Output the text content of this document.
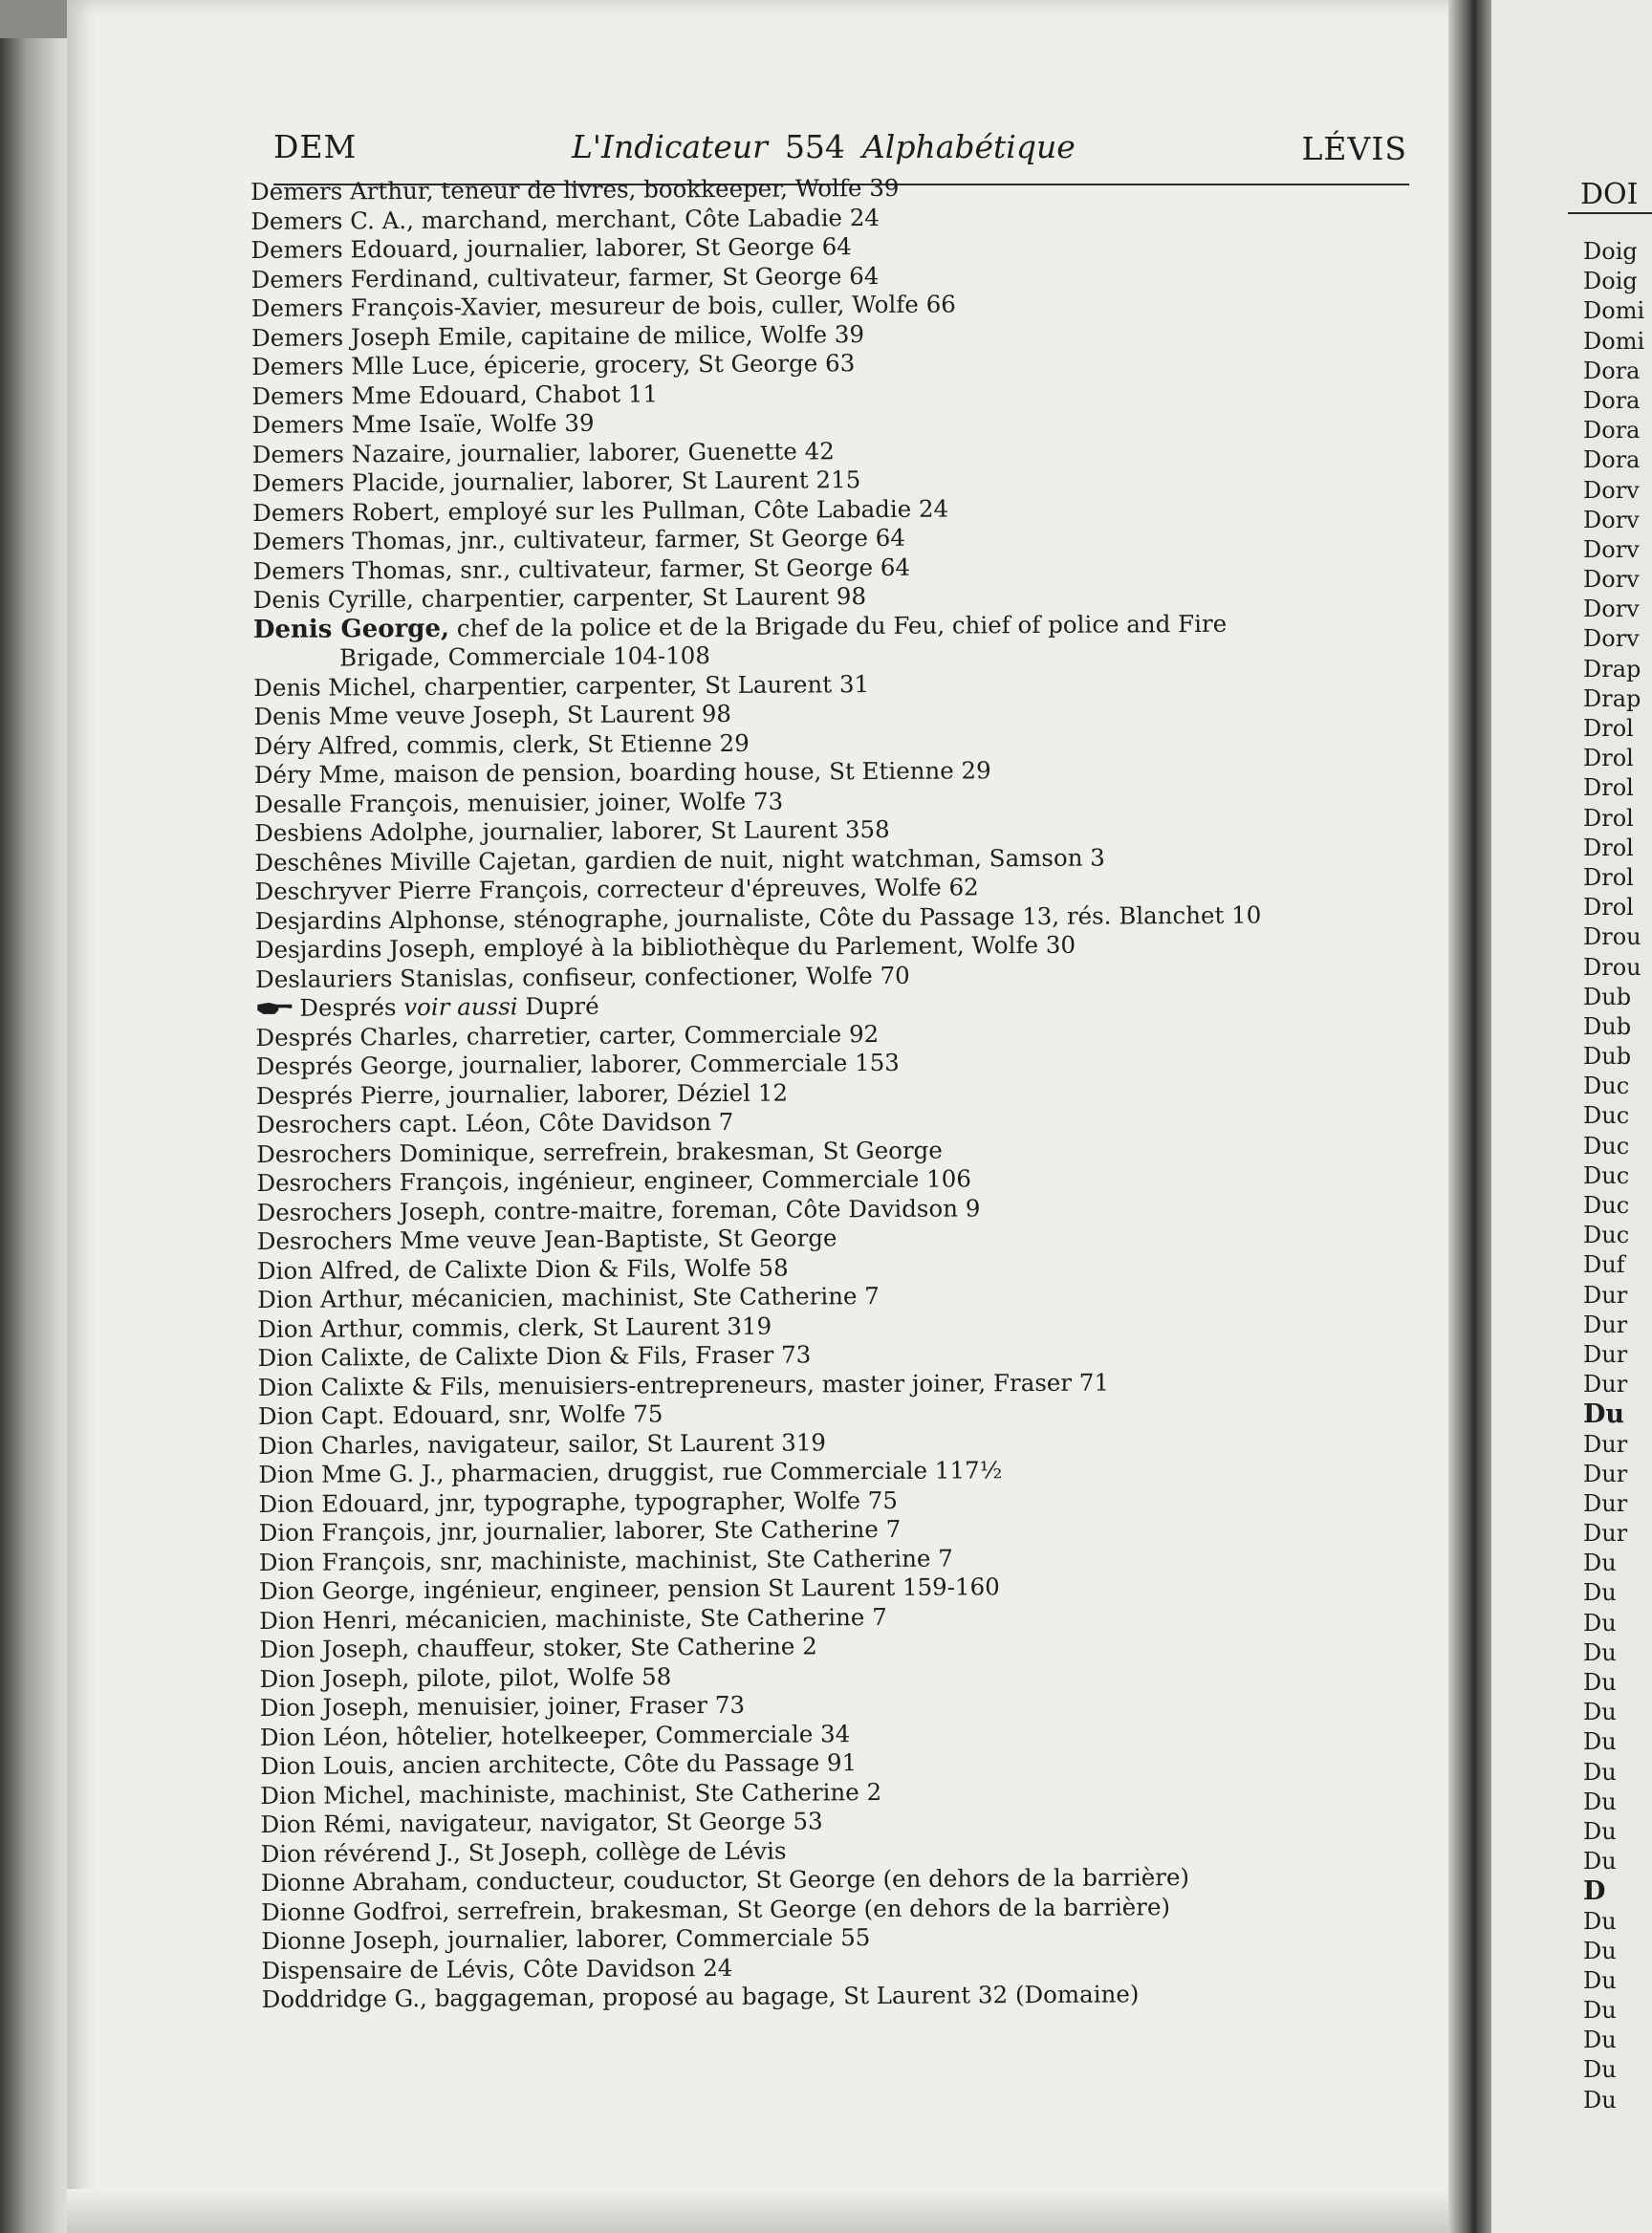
DEM	L'Indicateur 554 Alphabétique	LÉVIS
Demers Arthur, teneur de livres, bookkeeper, Wolfe 39
Demers C. A., marchand, merchant, Côte Labadie 24
Demers Edouard, journalier, laborer, St George 64
Demers Ferdinand, cultivateur, farmer, St George 64
Demers François-Xavier, mesureur de bois, culler, Wolfe 66
Demers Joseph Emile, capitaine de milice, Wolfe 39
Demers Mlle Luce, épicerie, grocery, St George 63
Demers Mme Edouard, Chabot 11
Demers Mme Isaïe, Wolfe 39
Demers Nazaire, journalier, laborer, Guenette 42
Demers Placide, journalier, laborer, St Laurent 215
Demers Robert, employé sur les Pullman, Côte Labadie 24
Demers Thomas, jnr., cultivateur, farmer, St George 64
Demers Thomas, snr., cultivateur, farmer, St George 64
Denis Cyrille, charpentier, carpenter, St Laurent 98
Denis George, chef de la police et de la Brigade du Feu, chief of police and Fire
Brigade, Commerciale 104-108
Denis Michel, charpentier, carpenter, St Laurent 31
Denis Mme veuve Joseph, St Laurent 98
Déry Alfred, commis, clerk, St Etienne 29
Déry Mme, maison de pension, boarding house, St Etienne 29
Desalle François, menuisier, joiner, Wolfe 73
Desbiens Adolphe, journalier, laborer, St Laurent 358
Deschênes Miville Cajetan, gardien de nuit, night watchman, Samson 3
Deschryver Pierre François, correcteur d'épreuves, Wolfe 62
Desjardins Alphonse, sténographe, journaliste, Côte du Passage 13, rés. Blanchet 10
Desjardins Joseph, employé à la bibliothèque du Parlement, Wolfe 30
Deslauriers Stanislas, confiseur, confectioner, Wolfe 70
Després voir aussi Dupré
Després Charles, charretier, carter, Commerciale 92
Després George, journalier, laborer, Commerciale 153
Després Pierre, journalier, laborer, Déziel 12
Desrochers capt. Léon, Côte Davidson 7
Desrochers Dominique, serrefrein, brakesman, St George
Desrochers François, ingénieur, engineer, Commerciale 106
Desrochers Joseph, contre-maitre, foreman, Côte Davidson 9
Desrochers Mme veuve Jean-Baptiste, St George
Dion Alfred, de Calixte Dion & Fils, Wolfe 58
Dion Arthur, mécanicien, machinist, Ste Catherine 7
Dion Arthur, commis, clerk, St Laurent 319
Dion Calixte, de Calixte Dion & Fils, Fraser 73
Dion Calixte & Fils, menuisiers-entrepreneurs, master joiner, Fraser 71
Dion Capt. Edouard, snr, Wolfe 75
Dion Charles, navigateur, sailor, St Laurent 319
Dion Mme G. J., pharmacien, druggist, rue Commerciale 117½
Dion Edouard, jnr, typographe, typographer, Wolfe 75
Dion François, jnr, journalier, laborer, Ste Catherine 7
Dion François, snr, machiniste, machinist, Ste Catherine 7
Dion George, ingénieur, engineer, pension St Laurent 159-160
Dion Henri, mécanicien, machiniste, Ste Catherine 7
Dion Joseph, chauffeur, stoker, Ste Catherine 2
Dion Joseph, pilote, pilot, Wolfe 58
Dion Joseph, menuisier, joiner, Fraser 73
Dion Léon, hôtelier, hotelkeeper, Commerciale 34
Dion Louis, ancien architecte, Côte du Passage 91
Dion Michel, machiniste, machinist, Ste Catherine 2
Dion Rémi, navigateur, navigator, St George 53
Dion révérend J., St Joseph, collège de Lévis
Dionne Abraham, conducteur, couductor, St George (en dehors de la barrière)
Dionne Godfroi, serrefrein, brakesman, St George (en dehors de la barrière)
Dionne Joseph, journalier, laborer, Commerciale 55
Dispensaire de Lévis, Côte Davidson 24
Doddridge G., baggageman, proposé au bagage, St Laurent 32 (Domaine)
DOI
Doig
Doig
Domi
Domi
Dora
Dora
Dora
Dora
Dorv
Dorv
Dorv
Dorv
Dorv
Dorv
Drap
Drap
Drol
Drol
Drol
Drol
Drol
Drol
Drol
Drou
Drou
Dub
Dub
Dub
Duc
Duc
Duc
Duc
Duc
Duc
Duf
Dur
Dur
Dur
Dur
Du
Dur
Dur
Dur
Dur
Du
Du
Du
Du
Du
Du
Du
Du
Du
Du
Du
D
Du
Du
Du
Du
Du
Du
Du
